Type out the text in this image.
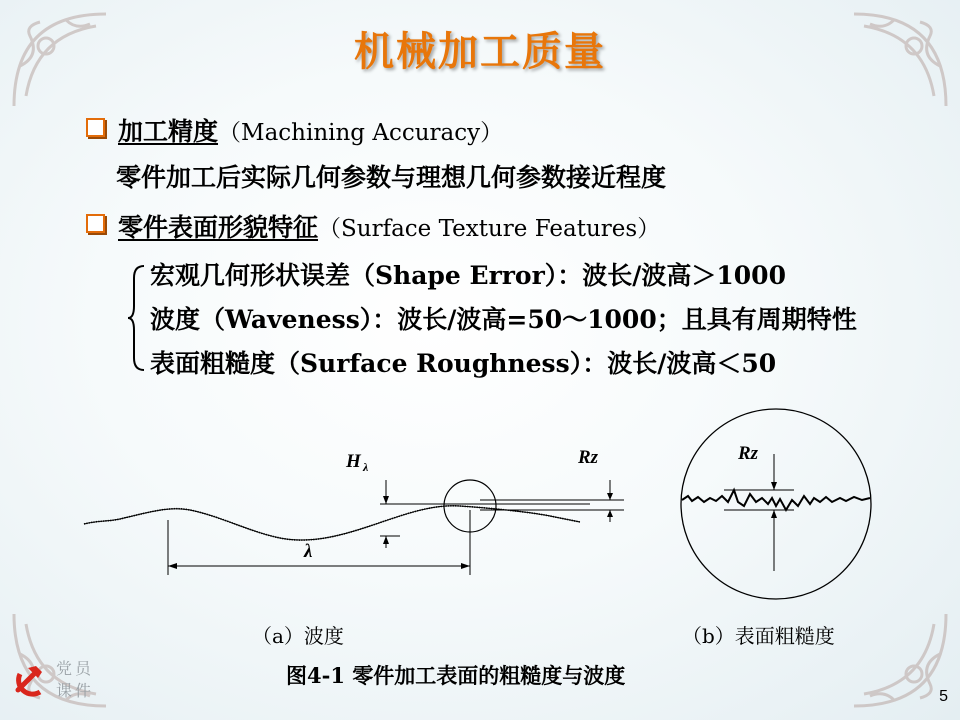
机械加工质量
加工精度（Machining Accuracy）
零件加工后实际几何参数与理想几何参数接近程度
零件表面形貌特征（Surface Texture Features）
宏观几何形状误差（Shape Error）：波长/波高＞1000
波度（Waveness）：波长/波高=50～1000；且具有周期特性
表面粗糙度（Surface Roughness）：波长/波高＜50
H λ
λ
Rz	Rz
（a）波度	（b）表面粗糙度
图4-1 零件加工表面的粗糙度与波度
党员
课件	5
